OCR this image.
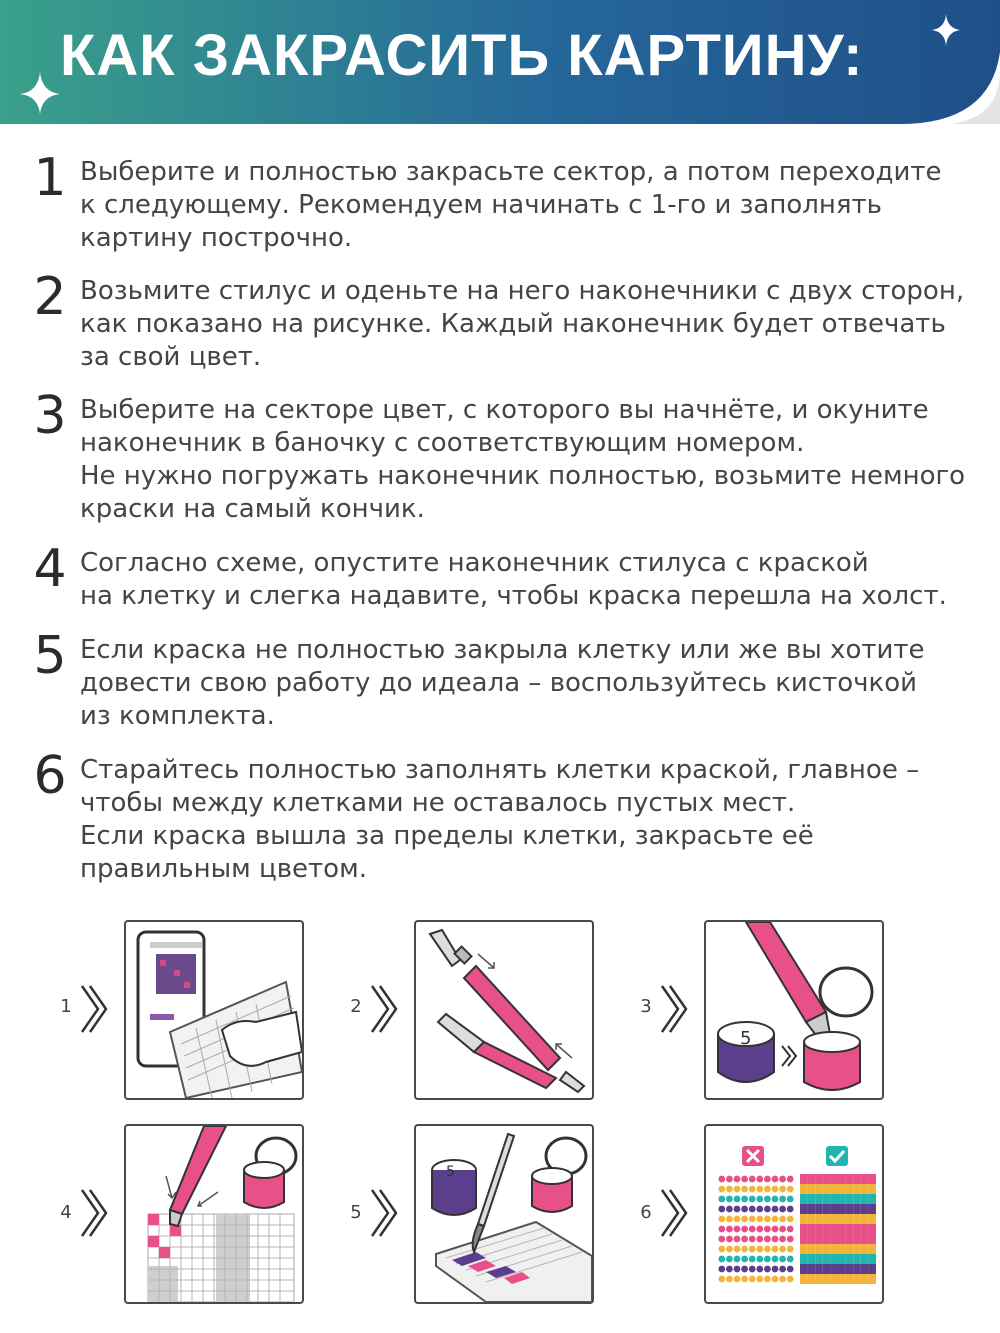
КАК ЗАКРАСИТЬ КАРТИНУ:
1 Выберите и полностью закрасьте сектор, а потом переходите
к следующему. Рекомендуем начинать с 1-го и заполнять
картину построчно.
2 Возьмите стилус и оденьте на него наконечники с двух сторон,
как показано на рисунке. Каждый наконечник будет отвечать
за свой цвет.
3 Выберите на секторе цвет, с которого вы начнёте, и окуните
наконечник в баночку с соответствующим номером.
Не нужно погружать наконечник полностью, возьмите немного
краски на самый кончик.
4 Согласно схеме, опустите наконечник стилуса с краской
на клетку и слегка надавите, чтобы краска перешла на холст.
5 Если краска не полностью закрыла клетку или же вы хотите
довести свою работу до идеала – воспользуйтесь кисточкой
из комплекта.
6 Старайтесь полностью заполнять клетки краской, главное –
чтобы между клетками не оставалось пустых мест.
Если краска вышла за пределы клетки, закрасьте её
правильным цветом.
1	2	3
5
4	5
5
6
